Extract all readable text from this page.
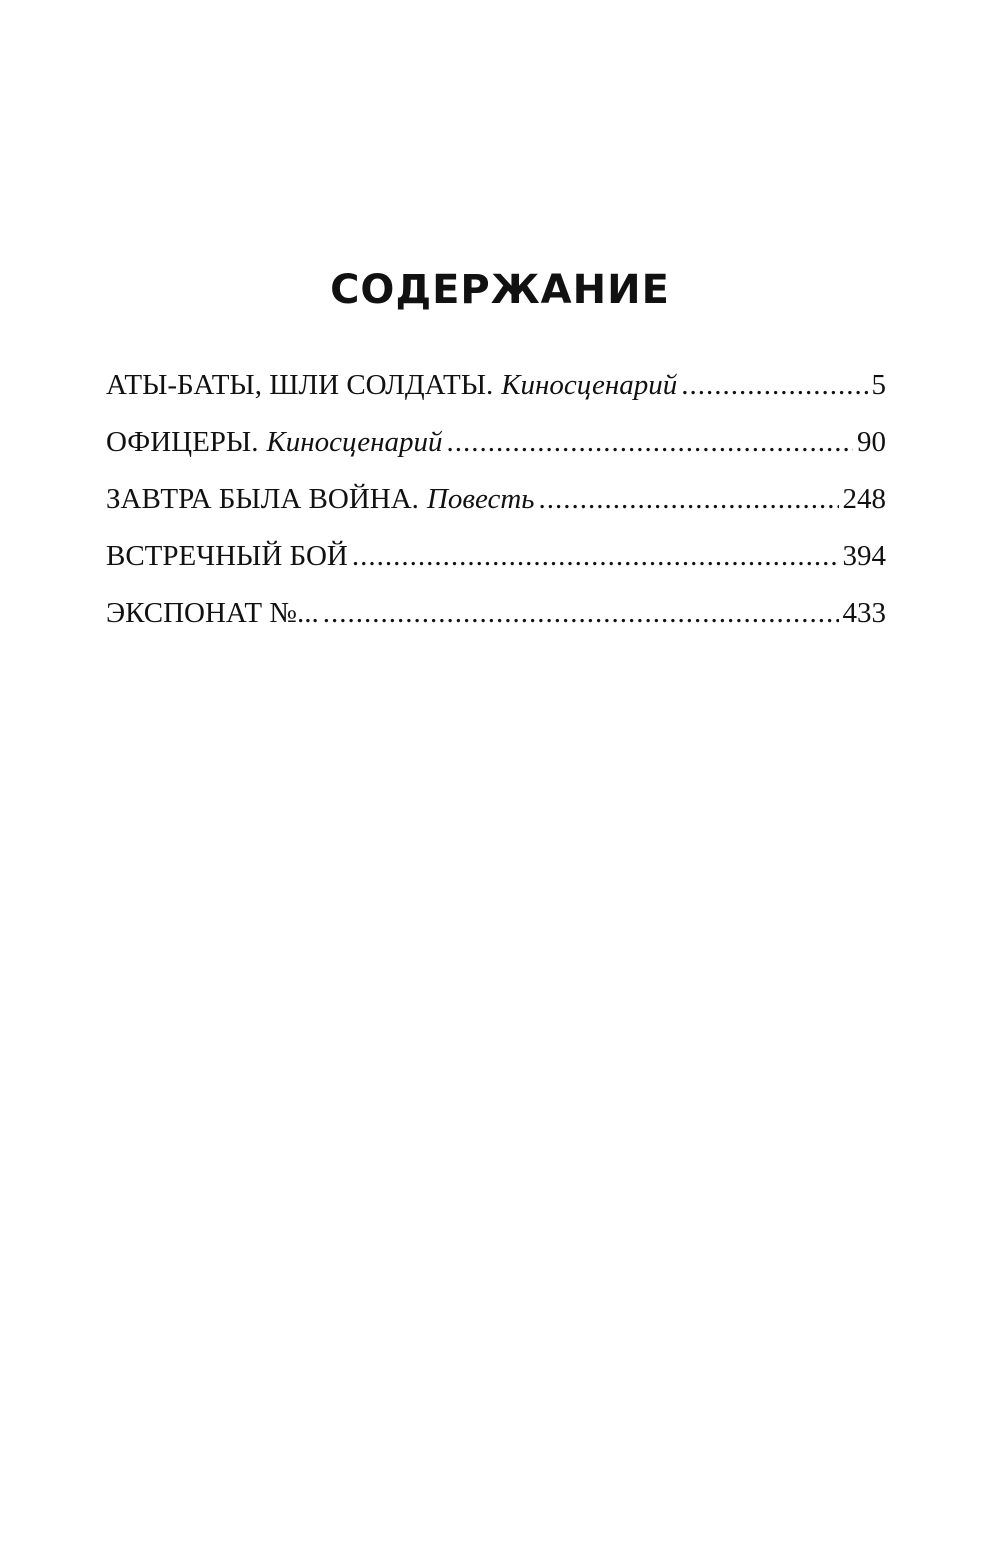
СОДЕРЖАНИЕ
АТЫ-БАТЫ, ШЛИ СОЛДАТЫ. Киносценарий .....	5
ОФИЦЕРЫ. Киносценарий .....	90
ЗАВТРА БЫЛА ВОЙНА. Повесть .....	248
ВСТРЕЧНЫЙ БОЙ .....	394
ЭКСПОНАТ №... .....	433
